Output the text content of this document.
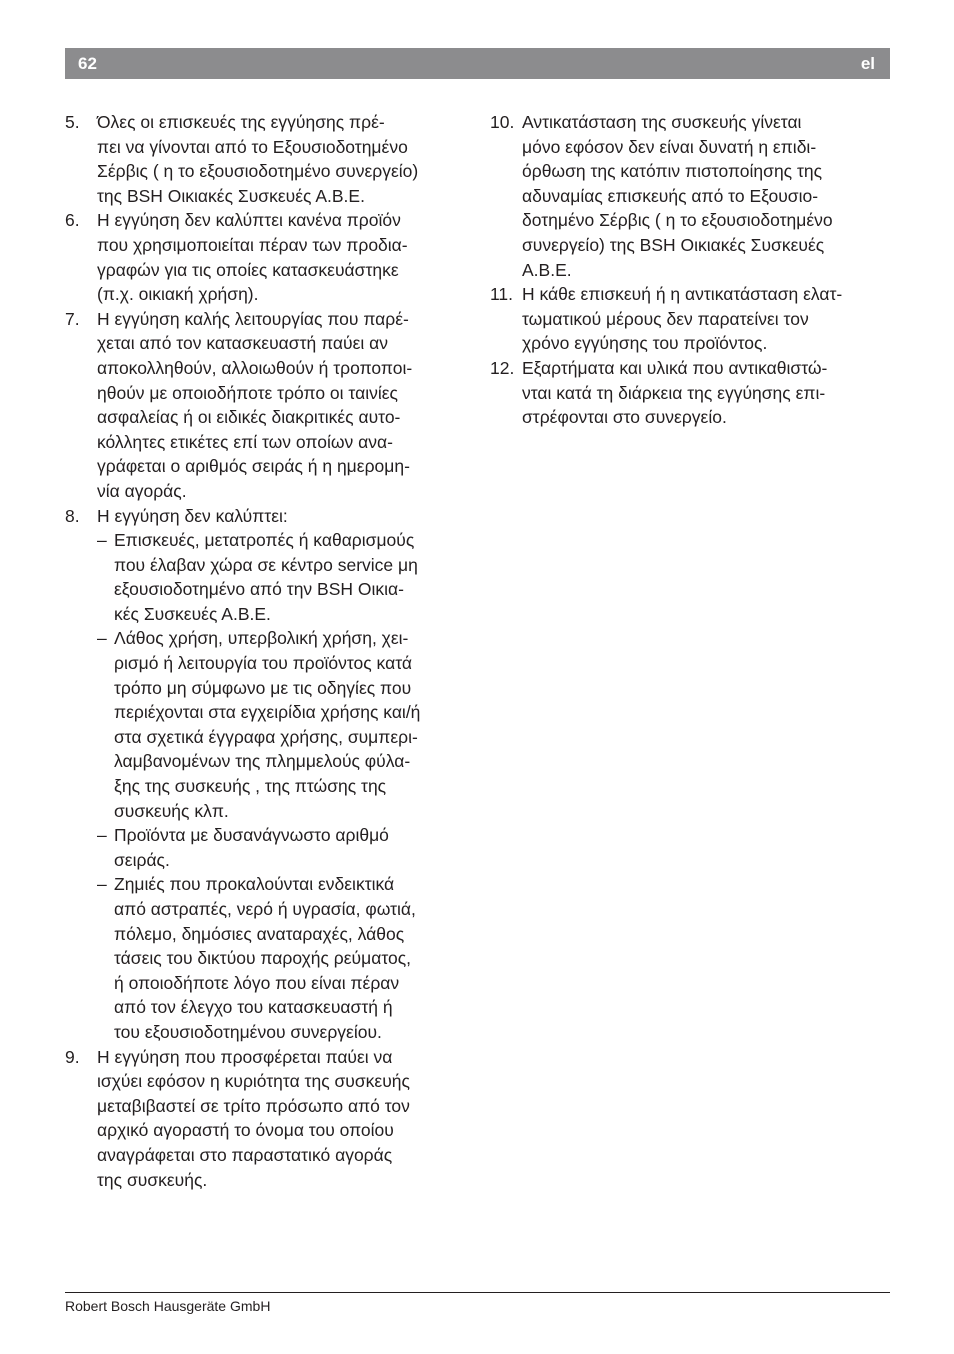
62	el
5. Όλες οι επισκευές της εγγύησης πρέ-
πει να γίνονται από το Εξουσιοδοτημένο
Σέρβις ( η το εξουσιοδοτημένο συνεργείο)
της BSH Οικιακές Συσκευές Α.Β.Ε.
6. Η εγγύηση δεν καλύπτει κανένα προϊόν
που χρησιμοποιείται πέραν των προδια-
γραφών για τις οποίες κατασκευάστηκε
(π.χ. οικιακή χρήση).
7. Η εγγύηση καλής λειτουργίας που παρέ-
χεται από τον κατασκευαστή παύει αν
αποκολληθούν, αλλοιωθούν ή τροποποι-
ηθούν με οποιοδήποτε τρόπο οι ταινίες
ασφαλείας ή οι ειδικές διακριτικές αυτο-
κόλλητες ετικέτες επί των οποίων ανα-
γράφεται ο αριθμός σειράς ή η ημερομη-
νία αγοράς.
8. Η εγγύηση δεν καλύπτει:
– Επισκευές, μετατροπές ή καθαρισμούς
που έλαβαν χώρα σε κέντρο service μη
εξουσιοδοτημένο από την BSH Οικια-
κές Συσκευές Α.Β.Ε.
– Λάθος χρήση, υπερβολική χρήση, χει-
ρισμό ή λειτουργία του προϊόντος κατά
τρόπο μη σύμφωνο με τις οδηγίες που
περιέχονται στα εγχειρίδια χρήσης και/ή
στα σχετικά έγγραφα χρήσης, συμπερι-
λαμβανομένων της πλημμελούς φύλα-
ξης της συσκευής , της πτώσης της
συσκευής κλπ.
– Προϊόντα με δυσανάγνωστο αριθμό
σειράς.
– Ζημιές που προκαλούνται ενδεικτικά
από αστραπές, νερό ή υγρασία, φωτιά,
πόλεμο, δημόσιες αναταραχές, λάθος
τάσεις του δικτύου παροχής ρεύματος,
ή οποιοδήποτε λόγο που είναι πέραν
από τον έλεγχο του κατασκευαστή ή
του εξουσιοδοτημένου συνεργείου.
9. Η εγγύηση που προσφέρεται παύει να
ισχύει εφόσον η κυριότητα της συσκευής
μεταβιβαστεί σε τρίτο πρόσωπο από τον
αρχικό αγοραστή το όνομα του οποίου
αναγράφεται στο παραστατικό αγοράς
της συσκευής.
10. Αντικατάσταση της συσκευής γίνεται
μόνο εφόσον δεν είναι δυνατή η επιδι-
όρθωση της κατόπιν πιστοποίησης της
αδυναμίας επισκευής από το Εξουσιο-
δοτημένο Σέρβις ( η το εξουσιοδοτημένο
συνεργείο) της BSH Οικιακές Συσκευές
Α.Β.Ε.
11. Η κάθε επισκευή ή η αντικατάσταση ελατ-
τωματικού μέρους δεν παρατείνει τον
χρόνο εγγύησης του προϊόντος.
12. Εξαρτήματα και υλικά που αντικαθιστώ-
νται κατά τη διάρκεια της εγγύησης επι-
στρέφονται στο συνεργείο.
Robert Bosch Hausgeräte GmbH
